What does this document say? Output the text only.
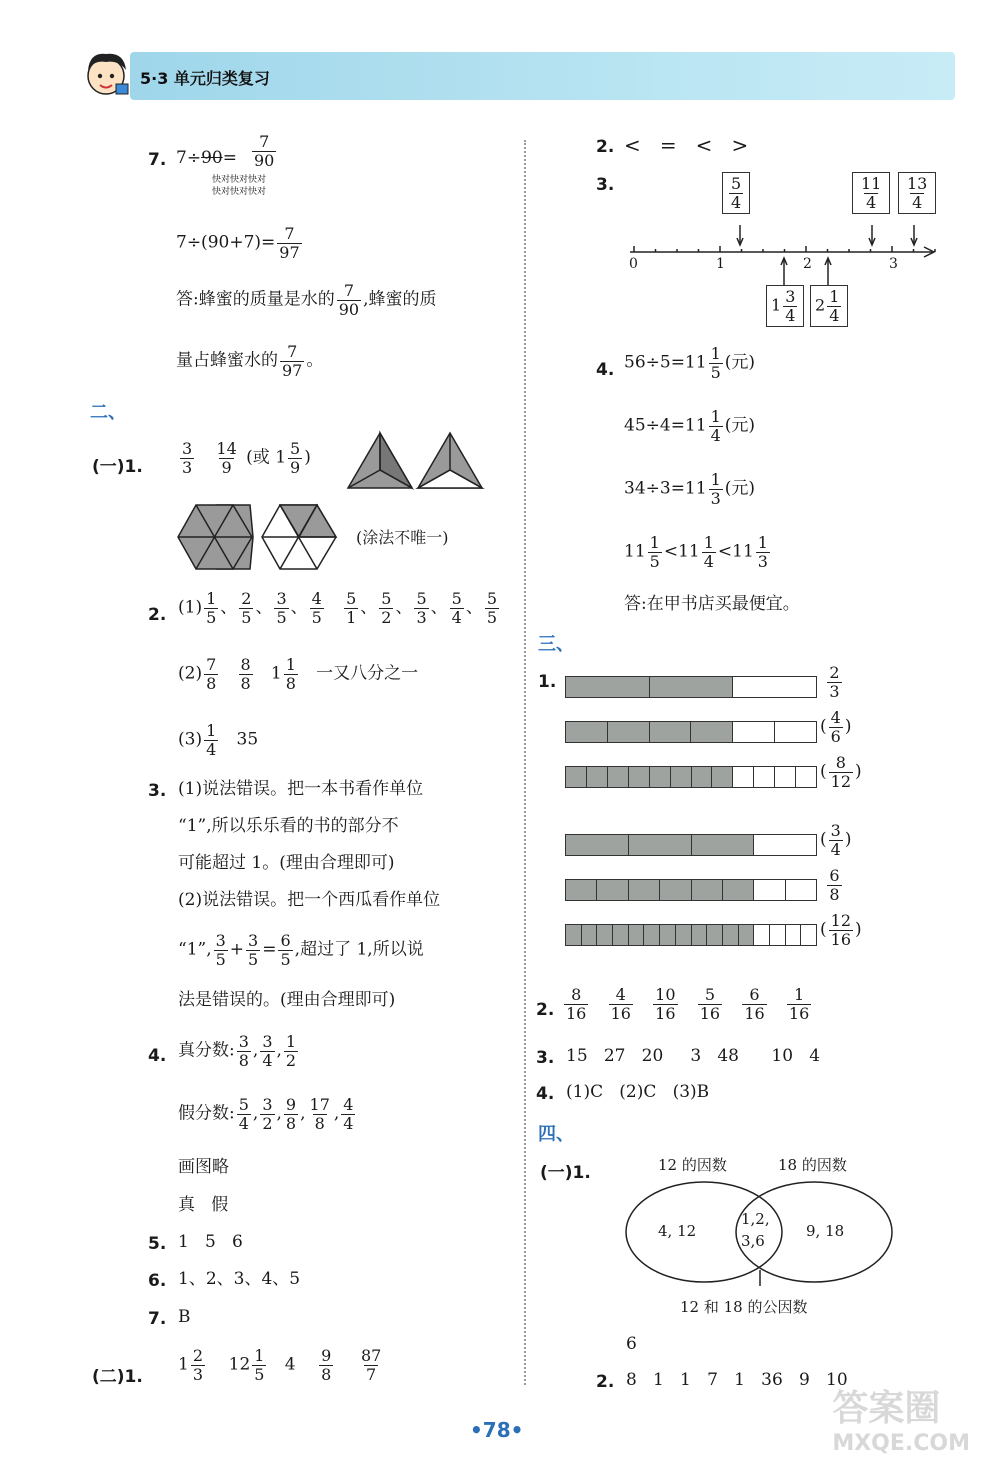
5·3 单元归类复习
7. $7\div 90= \frac{7}{90}$
快对快对快对
快对快对快对
$7\div(90+7)= \frac{7}{97}$
答:蜂蜜的质量是水的 $\frac{7}{90}$ ,蜂蜜的质
量占蜂蜜水的 $\frac{7}{97}$ 。
二、
(一)1. $\frac{3}{3}$
$\frac{14}{9}$ (或 $1 \frac{5}{9}$ )
(涂法不唯一)
2. $(1) \frac{1}{5}$ 、 $\frac{2}{5}$ 、 $\frac{3}{5}$ 、 $\frac{4}{5}$
$\frac{5}{1}$ 、 $\frac{5}{2}$ 、 $\frac{5}{3}$ 、 $\frac{5}{4}$ 、 $\frac{5}{5}$
$(2) \frac{7}{8}$
$\frac{8}{8} 1 \frac{1}{8}$ 一又八分之一
$(3) \frac{1}{4} 35$
3. (1)说法错误。把一本书看作单位
“1”,所以乐乐看的书的部分不
可能超过 1。(理由合理即可)
(2)说法错误。把一个西瓜看作单位
“1”, $\frac{3}{5} + \frac{3}{5} = \frac{6}{5}$ ,超过了 1,所以说
法是错误的。(理由合理即可)
4. 真分数: $\frac{3}{8}$ , $\frac{3}{4}$ , $\frac{1}{2}$
假分数: $\frac{5}{4}$ , $\frac{3}{2}$ , $\frac{9}{8}$ , $\frac{17}{8}$ , $\frac{4}{4}$
画图略
真   假
5. 1   5   6
6. 1、2、3、4、5
7. B
(二)1.
$1 \frac{2}{3} 12 \frac{1}{5} 4 \frac{9}{8}$
$\frac{87}{7}$
2. <   =   <   >
3.
0	1	2	3
$\frac{5}{4}$	$\frac{11}{4} \frac{13}{4}$
$1 \frac{3}{4}$	$2 \frac{1}{4}$
4. $56\div 5=11 \frac{1}{5}$ (元)
$45\div 4=11 \frac{1}{4}$ (元)
$34\div 3=11 \frac{1}{3}$ (元)
$11 \frac{1}{5} <11 \frac{1}{4} <11 \frac{1}{3}$
答:在甲书店买最便宜。
三、
1.
	$\frac{2}{3}$
( $\frac{4}{6}$ )
( $\frac{8}{12}$ )
( $\frac{3}{4}$ )

$\frac{6}{8}$
( $\frac{12}{16}$ )
2. $\frac{8}{16}$
$\frac{4}{16}$
$\frac{10}{16}$
$\frac{5}{16}$
$\frac{6}{16}$
$\frac{1}{16}$
3. 15   27   20     3   48      10   4
4. (1)C   (2)C   (3)B
四、
(一)1.	12 的因数	18 的因数
4, 12
1,2,
3,6
9, 18
12 和 18 的公因数
6
2. 8   1   1   7   1   36   9   10
•78•
答案圈
MXQE.COM
